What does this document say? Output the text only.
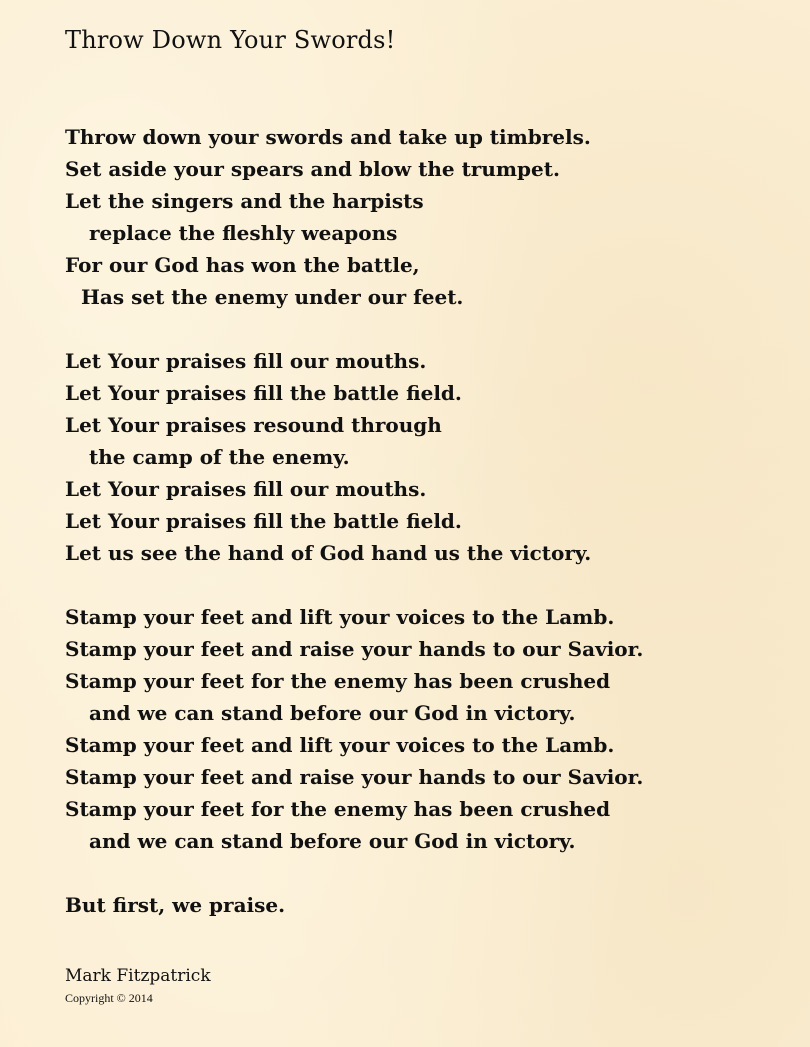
Throw Down Your Swords!
Throw down your swords and take up timbrels.
Set aside your spears and blow the trumpet.
Let the singers and the harpists
replace the fleshly weapons
For our God has won the battle,
Has set the enemy under our feet.
Let Your praises fill our mouths.
Let Your praises fill the battle field.
Let Your praises resound through
the camp of the enemy.
Let Your praises fill our mouths.
Let Your praises fill the battle field.
Let us see the hand of God hand us the victory.
Stamp your feet and lift your voices to the Lamb.
Stamp your feet and raise your hands to our Savior.
Stamp your feet for the enemy has been crushed
and we can stand before our God in victory.
Stamp your feet and lift your voices to the Lamb.
Stamp your feet and raise your hands to our Savior.
Stamp your feet for the enemy has been crushed
and we can stand before our God in victory.
But first, we praise.
Mark Fitzpatrick
Copyright © 2014
